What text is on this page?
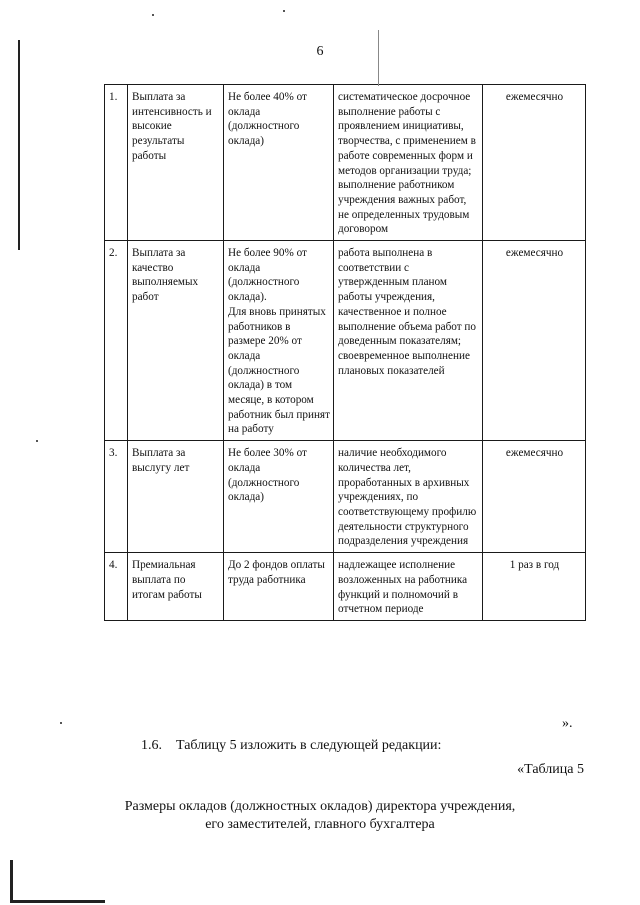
6
1.	Выплата за интенсивность и высокие результаты работы	Не более 40% от оклада (должностного оклада)	систематическое досрочное выполнение работы с проявлением инициативы, творчества, с применением в работе современных форм и методов организации труда;
выполнение работником учреждения важных работ, не определенных трудовым договором	ежемесячно
2.	Выплата за качество выполняемых работ	Не более 90% от оклада (должностного оклада).
Для вновь принятых работников в размере 20% от оклада (должностного оклада) в том месяце, в котором работник был принят на работу	работа выполнена в соответствии с утвержденным планом работы учреждения, качественное и полное выполнение объема работ по доведенным показателям;
своевременное выполнение плановых показателей	ежемесячно
3.	Выплата за выслугу лет	Не более 30% от оклада (должностного оклада)	наличие необходимого количества лет, проработанных в архивных учреждениях, по соответствующему профилю деятельности структурного подразделения учреждения	ежемесячно
4.	Премиальная выплата по итогам работы	До 2 фондов оплаты труда работника	надлежащее исполнение возложенных на работника функций и полномочий в отчетном периоде	1 раз в год
».
1.6.    Таблицу 5 изложить в следующей редакции:
«Таблица 5
Размеры окладов (должностных окладов) директора учреждения,
его заместителей, главного бухгалтера
